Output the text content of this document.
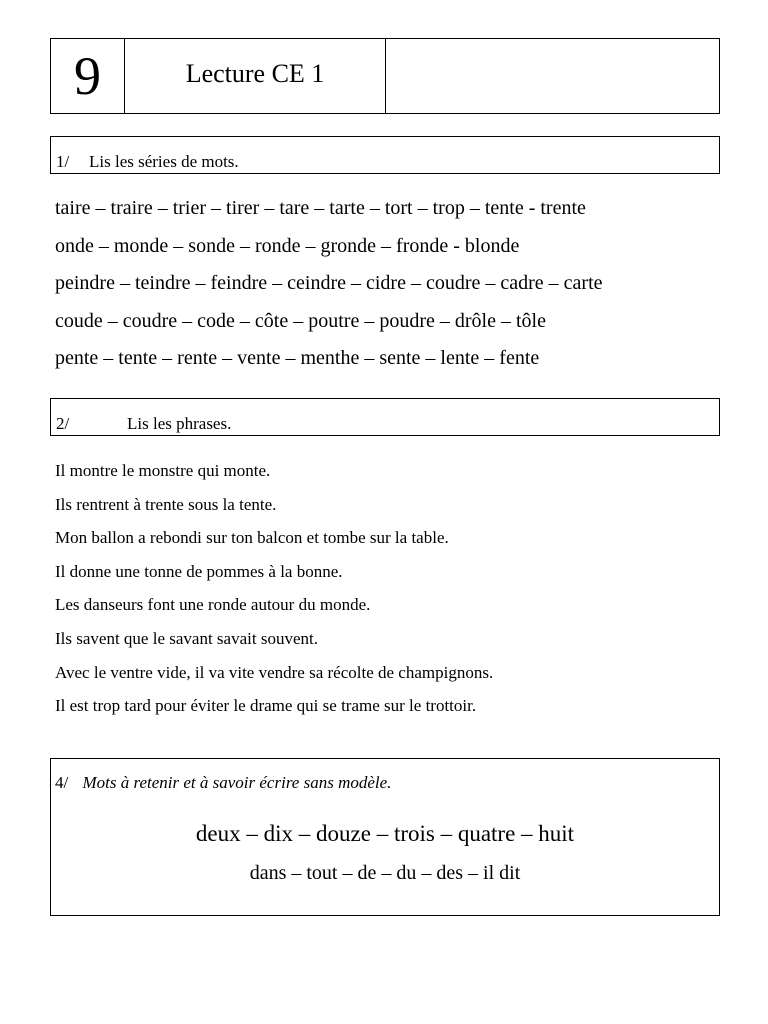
9	Lecture CE 1
1/ Lis les séries de mots.
taire – traire – trier – tirer – tare – tarte – tort – trop – tente - trente
onde – monde – sonde – ronde – gronde – fronde - blonde
peindre – teindre – feindre – ceindre – cidre – coudre – cadre – carte
coude – coudre – code – côte – poutre – poudre – drôle – tôle
pente – tente – rente – vente – menthe – sente – lente – fente
2/	Lis les phrases.
Il montre le monstre qui monte.
Ils rentrent à trente sous la tente.
Mon ballon a rebondi sur ton balcon et tombe sur la table.
Il donne une tonne de pommes à la bonne.
Les danseurs font une ronde autour du monde.
Ils savent que le savant savait souvent.
Avec le ventre vide, il va vite vendre sa récolte de champignons.
Il est trop tard pour éviter le drame qui se trame sur le trottoir.
4/ Mots à retenir et à savoir écrire sans modèle.
deux – dix – douze – trois – quatre – huit
dans – tout – de – du – des – il dit
